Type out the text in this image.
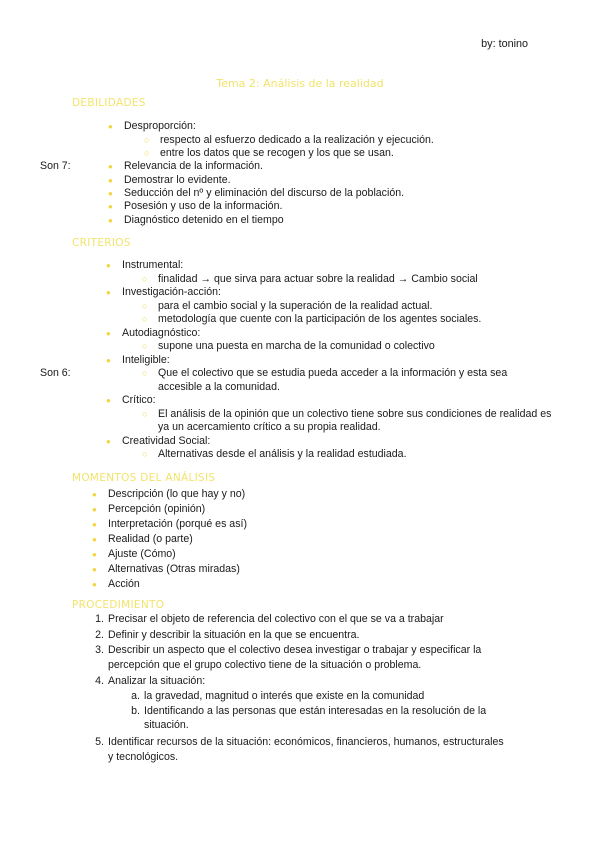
by: tonino
Tema 2: Análisis de la realidad
DEBILIDADES
● Desproporción:
○ respecto al esfuerzo dedicado a la realización y ejecución.
○ entre los datos que se recogen y los que se usan.
Son 7:	● Relevancia de la información.
● Demostrar lo evidente.
● Seducción del nº y eliminación del discurso de la población.
● Posesión y uso de la información.
● Diagnóstico detenido en el tiempo
CRITERIOS
● Instrumental:
○ finalidad → que sirva para actuar sobre la realidad → Cambio social
● Investigación-acción:
○ para el cambio social y la superación de la realidad actual.
○ metodología que cuente con la participación de los agentes sociales.
● Autodiagnóstico:
○ supone una puesta en marcha de la comunidad o colectivo
● Inteligible:
Son 6:	○ Que el colectivo que se estudia pueda acceder a la información y esta sea
accesible a la comunidad.
● Crítico:
○ El análisis de la opinión que un colectivo tiene sobre sus condiciones de realidad es
ya un acercamiento crítico a su propia realidad.
● Creatividad Social:
○ Alternativas desde el análisis y la realidad estudiada.
MOMENTOS DEL ANÁLISIS
● Descripción (lo que hay y no)
● Percepción (opinión)
● Interpretación (porqué es así)
● Realidad (o parte)
● Ajuste (Cómo)
● Alternativas (Otras miradas)
● Acción
PROCEDIMIENTO
1. Precisar el objeto de referencia del colectivo con el que se va a trabajar
2. Definir y describir la situación en la que se encuentra.
3. Describir un aspecto que el colectivo desea investigar o trabajar y especificar la
percepción que el grupo colectivo tiene de la situación o problema.
4. Analizar la situación:
a. la gravedad, magnitud o interés que existe en la comunidad
b. Identificando a las personas que están interesadas en la resolución de la
situación.
5. Identificar recursos de la situación: económicos, financieros, humanos, estructurales
y tecnológicos.
